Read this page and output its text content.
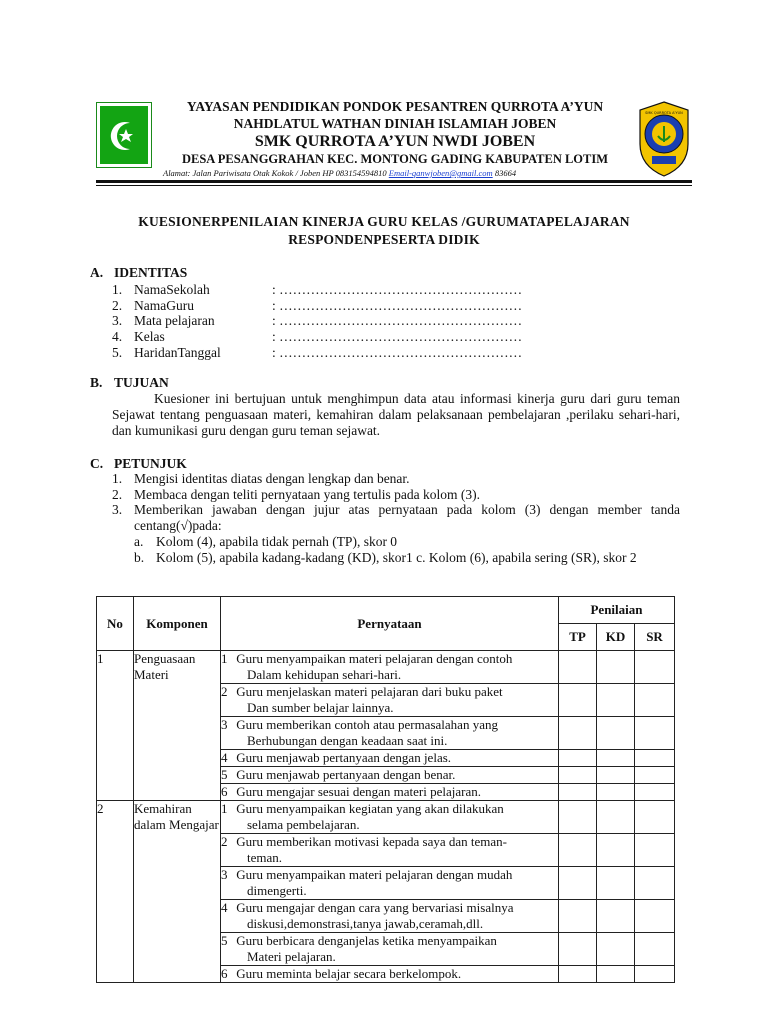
SMK QURROTA A'YUN
YAYASAN PENDIDIKAN PONDOK PESANTREN QURROTA A’YUN
NAHDLATUL WATHAN DINIAH ISLAMIAH JOBEN
SMK QURROTA A’YUN NWDI JOBEN
DESA PESANGGRAHAN KEC. MONTONG GADING KABUPATEN LOTIM
Alamat: Jalan Pariwisata Otak Kokok / Joben HP 083154594810 Email-qanwjoben@gmail.com 83664
KUESIONERPENILAIAN KINERJA GURU KELAS /GURUMATAPELAJARAN
RESPONDENPESERTA DIDIK
A. IDENTITAS
1. NamaSekolah	: ………………………………………………
2. NamaGuru	: ………………………………………………
3. Mata pelajaran	: ………………………………………………
4. Kelas	: ………………………………………………
5. HaridanTanggal	: ………………………………………………
B. TUJUAN
Kuesioner ini bertujuan untuk menghimpun data atau informasi kinerja guru dari guru teman Sejawat tentang penguasaan materi, kemahiran dalam pelaksanaan pembelajaran ,perilaku sehari-hari, dan kumunikasi guru dengan guru teman sejawat.
C. PETUNJUK
1. Mengisi identitas diatas dengan lengkap dan benar.
2. Membaca dengan teliti pernyataan yang tertulis pada kolom (3).
3. Memberikan jawaban dengan jujur atas pernyataan pada kolom (3) dengan member tanda centang(√)pada:
a. Kolom (4), apabila tidak pernah (TP), skor 0
b. Kolom (5), apabila kadang-kadang (KD), skor1 c. Kolom (6), apabila sering (SR), skor 2
No	Komponen	Pernyataan	Penilaian		
			TP	KD	SR
1	Penguasaan Materi	1 Guru menyampaikan materi pelajaran dengan contoh
Dalam kehidupan sehari-hari.			

		2 Guru menjelaskan materi pelajaran dari buku paket
Dan sumber belajar lainnya.			

		3 Guru memberikan contoh atau permasalahan yang
Berhubungan dengan keadaan saat ini.			

		4 Guru menjawab pertanyaan dengan jelas.			
		5 Guru menjawab pertanyaan dengan benar.			
		6 Guru mengajar sesuai dengan materi pelajaran.			
2	Kemahiran dalam Mengajar	1 Guru menyampaikan kegiatan yang akan dilakukan
selama pembelajaran.			

		2 Guru memberikan motivasi kepada saya dan teman-
teman.			

		3 Guru menyampaikan materi pelajaran dengan mudah
dimengerti.			

		4 Guru mengajar dengan cara yang bervariasi misalnya
diskusi,demonstrasi,tanya jawab,ceramah,dll.			

		5 Guru berbicara denganjelas ketika menyampaikan
Materi pelajaran.			

		6 Guru meminta belajar secara berkelompok.			
